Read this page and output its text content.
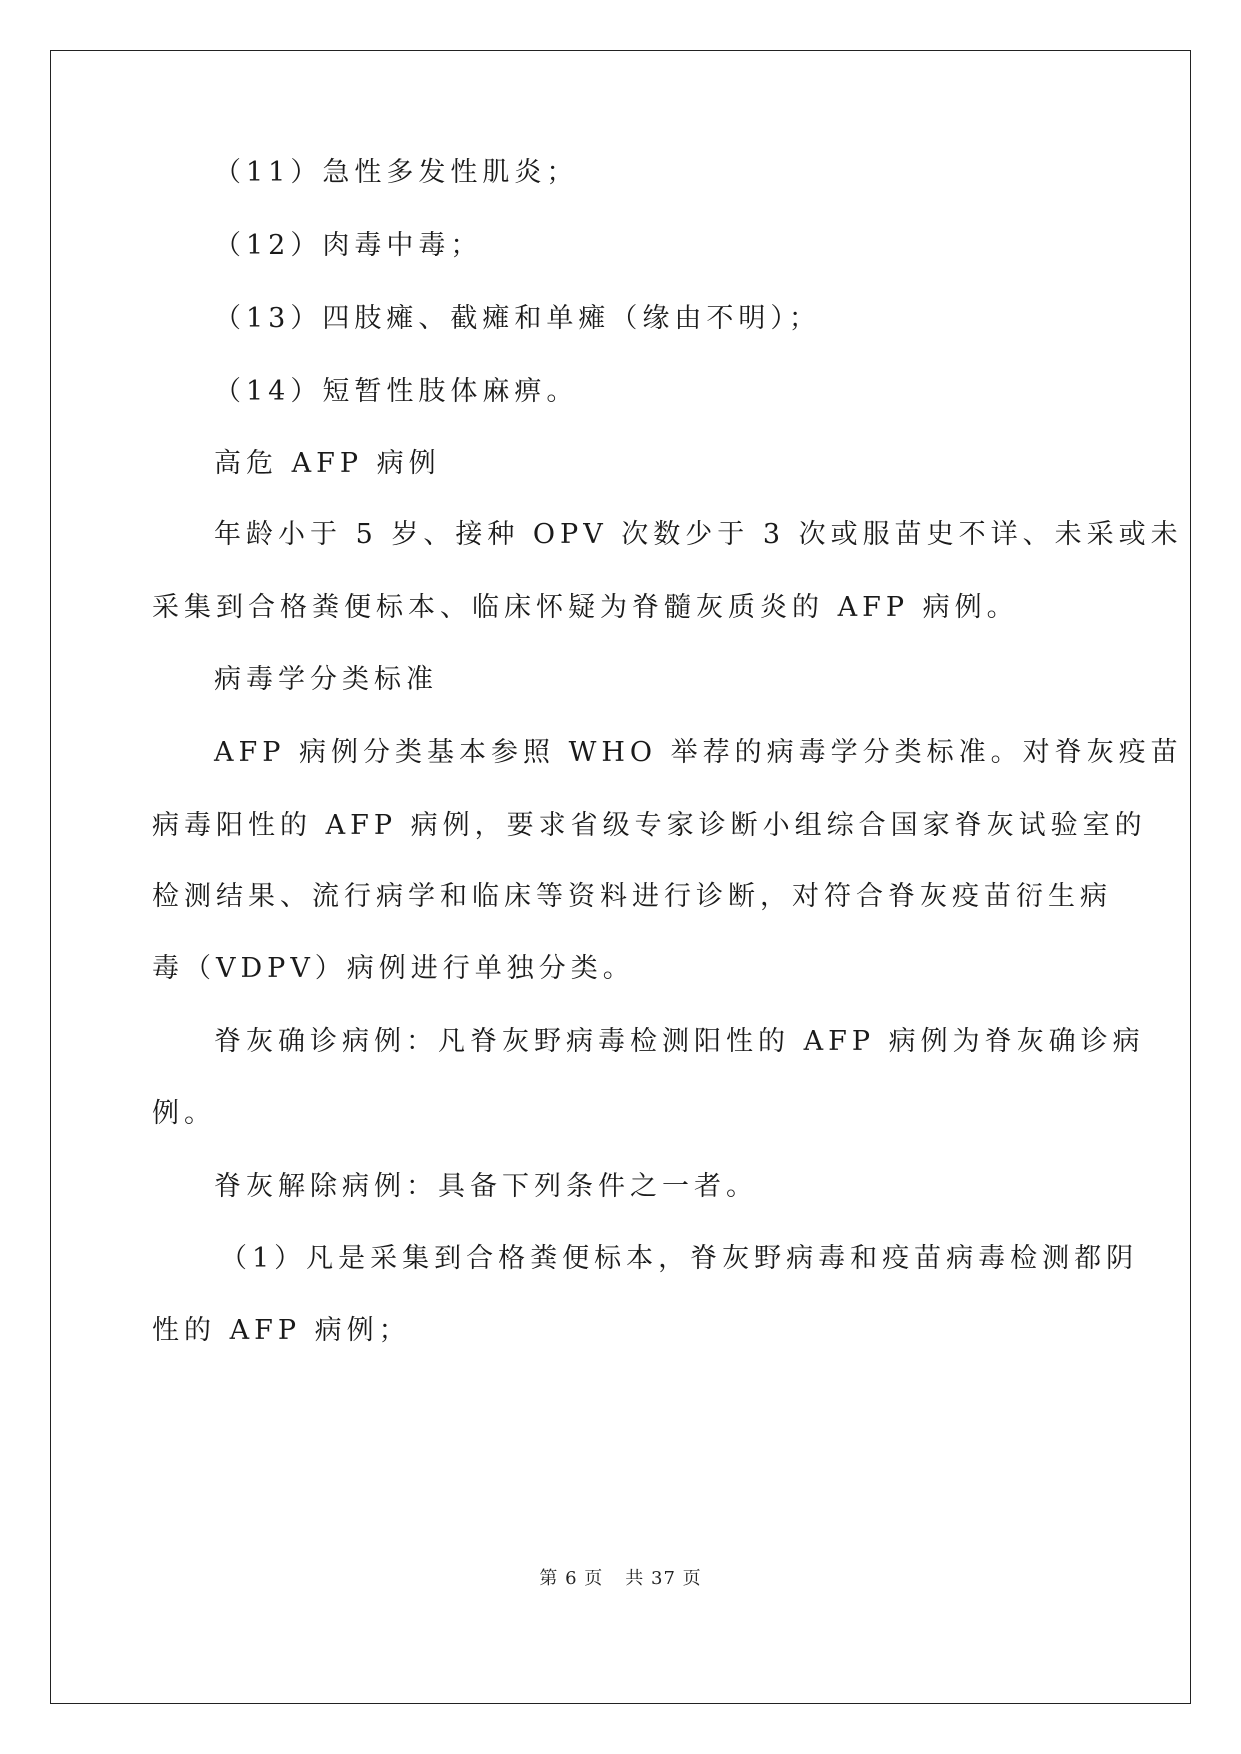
（11）急性多发性肌炎；
（12）肉毒中毒；
（13）四肢瘫、截瘫和单瘫（缘由不明）；
（14）短暂性肢体麻痹。
高危 AFP 病例
年龄小于 5 岁、接种 OPV 次数少于 3 次或服苗史不详、未采或未
采集到合格粪便标本、临床怀疑为脊髓灰质炎的 AFP 病例。
病毒学分类标准
AFP 病例分类基本参照 WHO 举荐的病毒学分类标准。对脊灰疫苗
病毒阳性的 AFP 病例，要求省级专家诊断小组综合国家脊灰试验室的
检测结果、流行病学和临床等资料进行诊断，对符合脊灰疫苗衍生病
毒（VDPV）病例进行单独分类。
脊灰确诊病例：凡脊灰野病毒检测阳性的 AFP 病例为脊灰确诊病
例。
脊灰解除病例：具备下列条件之一者。
（1）凡是采集到合格粪便标本，脊灰野病毒和疫苗病毒检测都阴
性的 AFP 病例；
第 6 页 共 37 页
